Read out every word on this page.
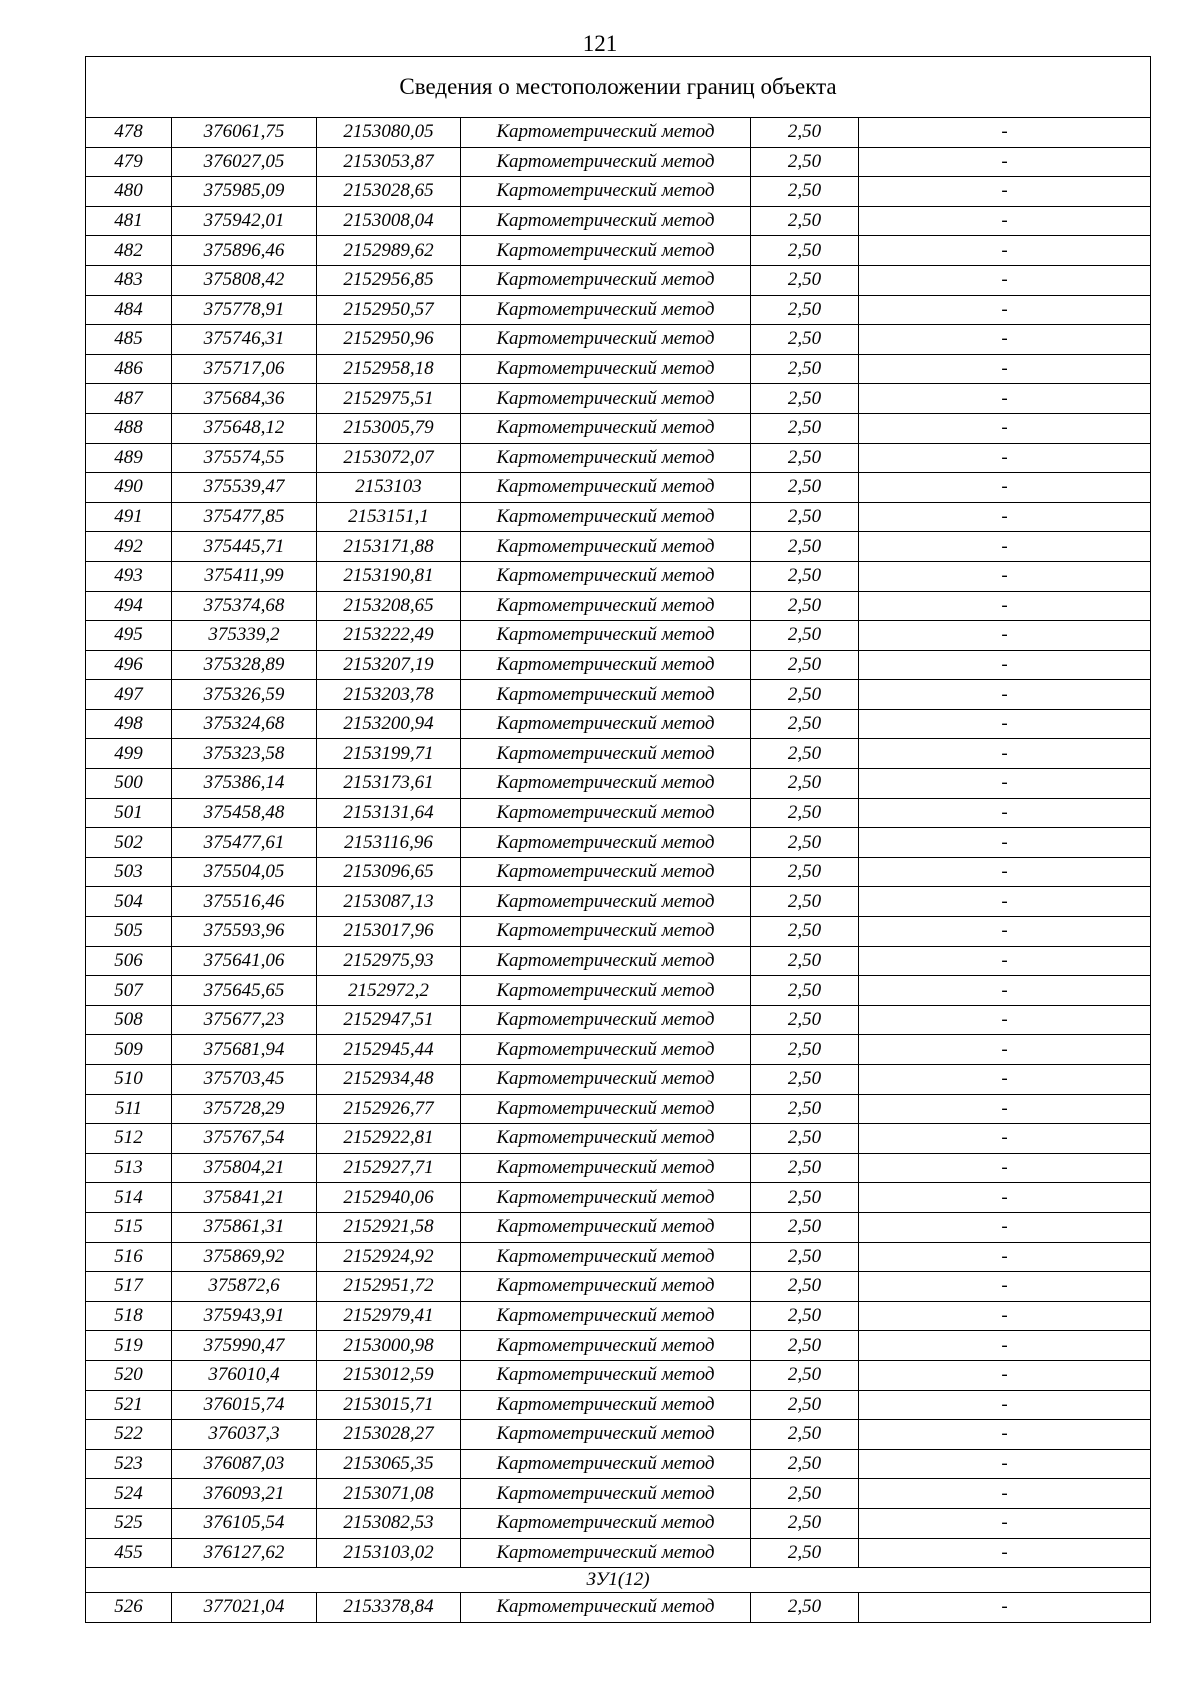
121
Сведения о местоположении границ объекта					
478	376061,75	2153080,05	Картометрический метод	2,50	-
479	376027,05	2153053,87	Картометрический метод	2,50	-
480	375985,09	2153028,65	Картометрический метод	2,50	-
481	375942,01	2153008,04	Картометрический метод	2,50	-
482	375896,46	2152989,62	Картометрический метод	2,50	-
483	375808,42	2152956,85	Картометрический метод	2,50	-
484	375778,91	2152950,57	Картометрический метод	2,50	-
485	375746,31	2152950,96	Картометрический метод	2,50	-
486	375717,06	2152958,18	Картометрический метод	2,50	-
487	375684,36	2152975,51	Картометрический метод	2,50	-
488	375648,12	2153005,79	Картометрический метод	2,50	-
489	375574,55	2153072,07	Картометрический метод	2,50	-
490	375539,47	2153103	Картометрический метод	2,50	-
491	375477,85	2153151,1	Картометрический метод	2,50	-
492	375445,71	2153171,88	Картометрический метод	2,50	-
493	375411,99	2153190,81	Картометрический метод	2,50	-
494	375374,68	2153208,65	Картометрический метод	2,50	-
495	375339,2	2153222,49	Картометрический метод	2,50	-
496	375328,89	2153207,19	Картометрический метод	2,50	-
497	375326,59	2153203,78	Картометрический метод	2,50	-
498	375324,68	2153200,94	Картометрический метод	2,50	-
499	375323,58	2153199,71	Картометрический метод	2,50	-
500	375386,14	2153173,61	Картометрический метод	2,50	-
501	375458,48	2153131,64	Картометрический метод	2,50	-
502	375477,61	2153116,96	Картометрический метод	2,50	-
503	375504,05	2153096,65	Картометрический метод	2,50	-
504	375516,46	2153087,13	Картометрический метод	2,50	-
505	375593,96	2153017,96	Картометрический метод	2,50	-
506	375641,06	2152975,93	Картометрический метод	2,50	-
507	375645,65	2152972,2	Картометрический метод	2,50	-
508	375677,23	2152947,51	Картометрический метод	2,50	-
509	375681,94	2152945,44	Картометрический метод	2,50	-
510	375703,45	2152934,48	Картометрический метод	2,50	-
511	375728,29	2152926,77	Картометрический метод	2,50	-
512	375767,54	2152922,81	Картометрический метод	2,50	-
513	375804,21	2152927,71	Картометрический метод	2,50	-
514	375841,21	2152940,06	Картометрический метод	2,50	-
515	375861,31	2152921,58	Картометрический метод	2,50	-
516	375869,92	2152924,92	Картометрический метод	2,50	-
517	375872,6	2152951,72	Картометрический метод	2,50	-
518	375943,91	2152979,41	Картометрический метод	2,50	-
519	375990,47	2153000,98	Картометрический метод	2,50	-
520	376010,4	2153012,59	Картометрический метод	2,50	-
521	376015,74	2153015,71	Картометрический метод	2,50	-
522	376037,3	2153028,27	Картометрический метод	2,50	-
523	376087,03	2153065,35	Картометрический метод	2,50	-
524	376093,21	2153071,08	Картометрический метод	2,50	-
525	376105,54	2153082,53	Картометрический метод	2,50	-
455	376127,62	2153103,02	Картометрический метод	2,50	-
ЗУ1(12)					
526	377021,04	2153378,84	Картометрический метод	2,50	-
